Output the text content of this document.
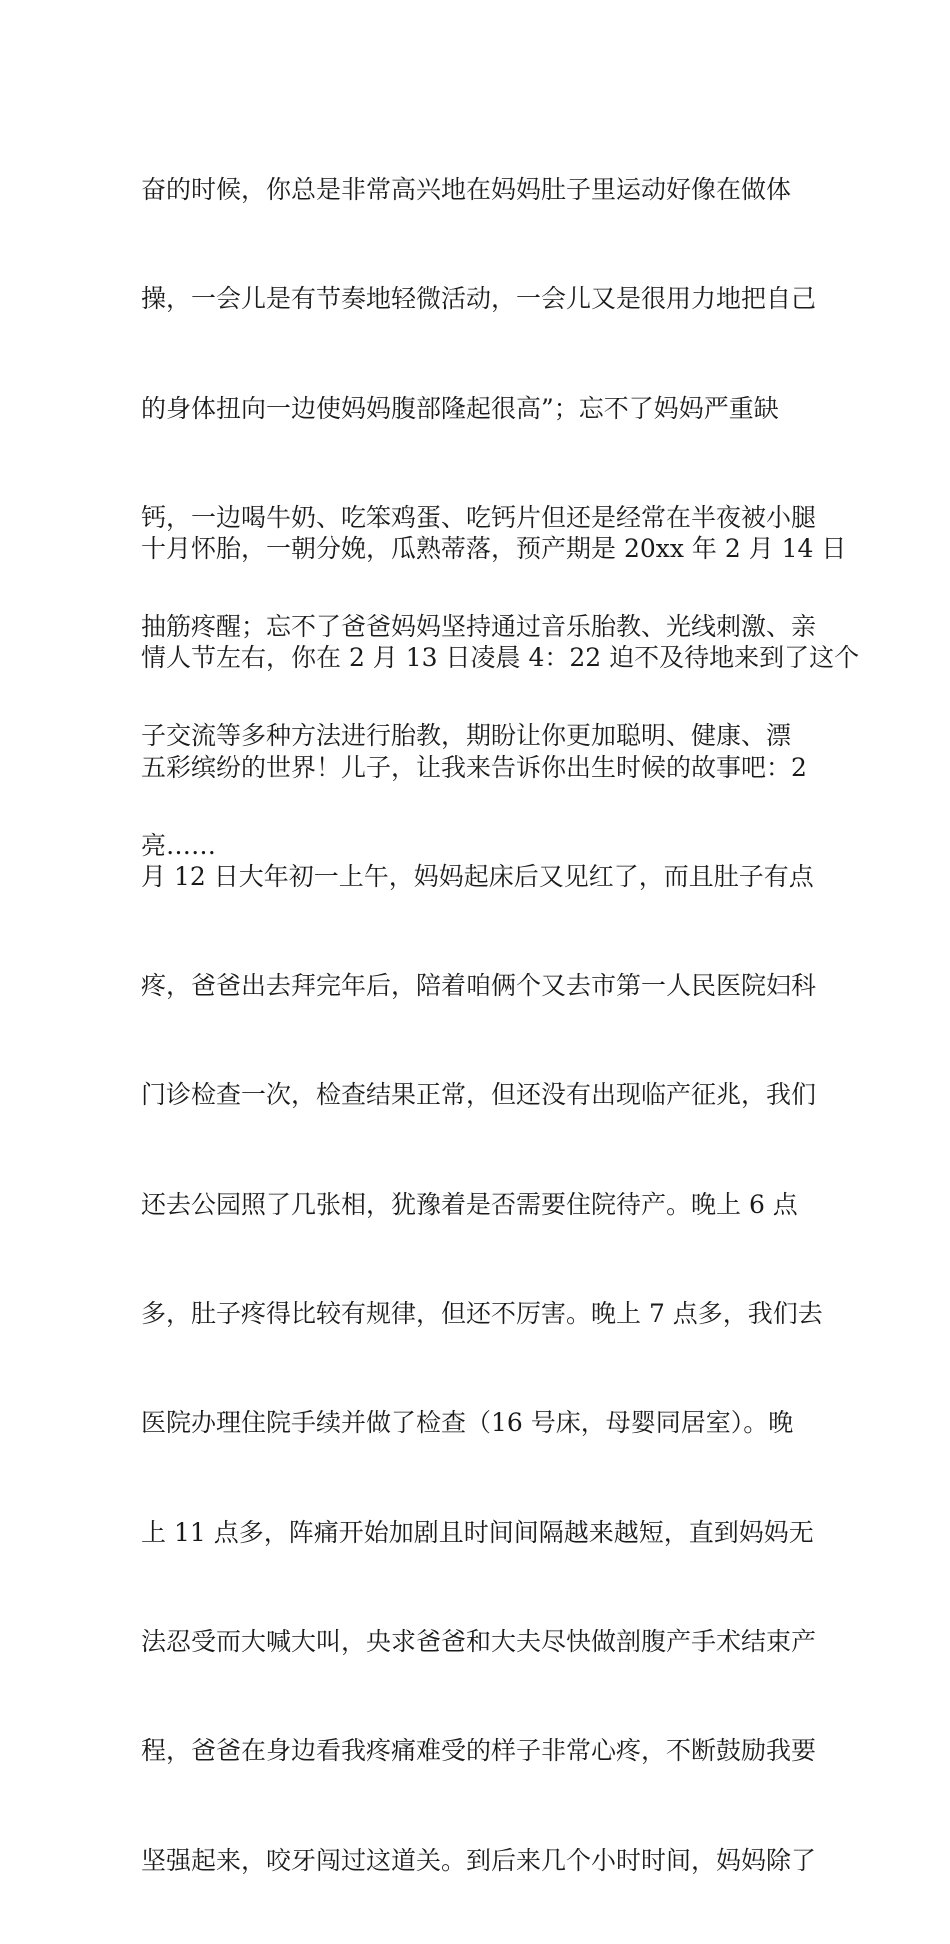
奋的时候，你总是非常高兴地在妈妈肚子里运动好像在做体

操，一会儿是有节奏地轻微活动，一会儿又是很用力地把自己

的身体扭向一边使妈妈腹部隆起很高”；忘不了妈妈严重缺

钙，一边喝牛奶、吃笨鸡蛋、吃钙片但还是经常在半夜被小腿

抽筋疼醒；忘不了爸爸妈妈坚持通过音乐胎教、光线刺激、亲

子交流等多种方法进行胎教，期盼让你更加聪明、健康、漂

亮……

十月怀胎，一朝分娩，瓜熟蒂落，预产期是 20xx 年 2 月 14 日

情人节左右，你在 2 月 13 日凌晨 4：22 迫不及待地来到了这个

五彩缤纷的世界！儿子，让我来告诉你出生时候的故事吧：2

月 12 日大年初一上午，妈妈起床后又见红了，而且肚子有点

疼，爸爸出去拜完年后，陪着咱俩个又去市第一人民医院妇科

门诊检查一次，检查结果正常，但还没有出现临产征兆，我们

还去公园照了几张相，犹豫着是否需要住院待产。晚上 6 点

多，肚子疼得比较有规律，但还不厉害。晚上 7 点多，我们去

医院办理住院手续并做了检查（16 号床，母婴同居室）。晚

上 11 点多，阵痛开始加剧且时间间隔越来越短，直到妈妈无

法忍受而大喊大叫，央求爸爸和大夫尽快做剖腹产手术结束产

程，爸爸在身边看我疼痛难受的样子非常心疼，不断鼓励我要

坚强起来，咬牙闯过这道关。到后来几个小时时间，妈妈除了
